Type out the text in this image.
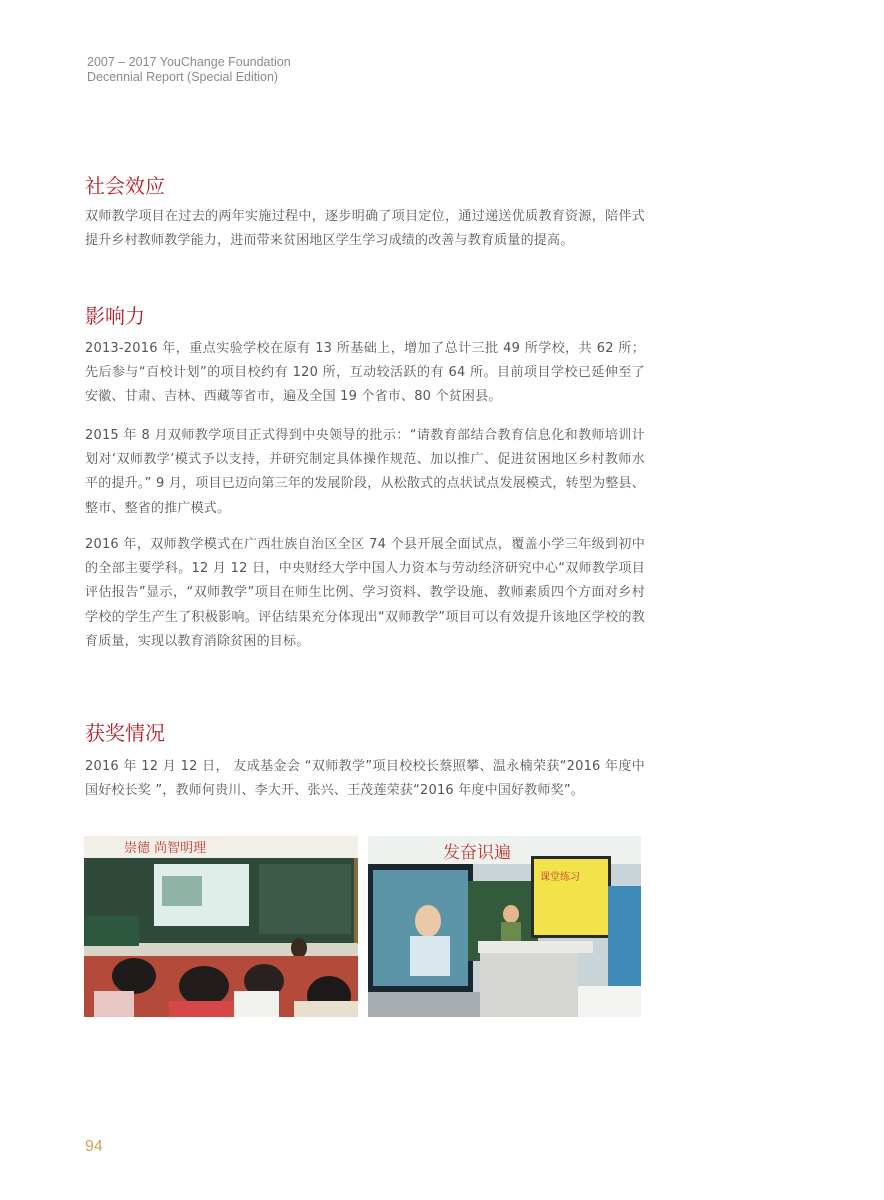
2007 – 2017 YouChange Foundation
Decennial Report (Special Edition)
社会效应

双师教学项目在过去的两年实施过程中，逐步明确了项目定位，通过递送优质教育资源，陪伴式提升乡村教师教学能力，进而带来贫困地区学生学习成绩的改善与教育质量的提高。

影响力

2013-2016 年，重点实验学校在原有 13 所基础上，增加了总计三批 49 所学校，共 62 所；先后参与“百校计划”的项目校约有 120 所，互动较活跃的有 64 所。目前项目学校已延伸至了安徽、甘肃、吉林、西藏等省市，遍及全国 19 个省市、80 个贫困县。

2015 年 8 月双师教学项目正式得到中央领导的批示：“请教育部结合教育信息化和教师培训计划对‘双师教学’模式予以支持，并研究制定具体操作规范、加以推广、促进贫困地区乡村教师水平的提升。” 9 月，项目已迈向第三年的发展阶段，从松散式的点状试点发展模式，转型为整县、整市、整省的推广模式。

2016 年，双师教学模式在广西壮族自治区全区 74 个县开展全面试点，覆盖小学三年级到初中的全部主要学科。12 月 12 日，中央财经大学中国人力资本与劳动经济研究中心“双师教学项目评估报告”显示，“双师教学”项目在师生比例、学习资料、教学设施、教师素质四个方面对乡村学校的学生产生了积极影响。评估结果充分体现出“双师教学”项目可以有效提升该地区学校的教育质量，实现以教育消除贫困的目标。

获奖情况

2016 年 12 月 12 日， 友成基金会 “双师教学”项目校校长蔡照攀、温永楠荣获“2016 年度中国好校长奖 ”，教师何贵川、李大开、张兴、王茂莲荣获“2016 年度中国好教师奖”。

崇德 尚智明理	发奋识遍
课堂练习
94
